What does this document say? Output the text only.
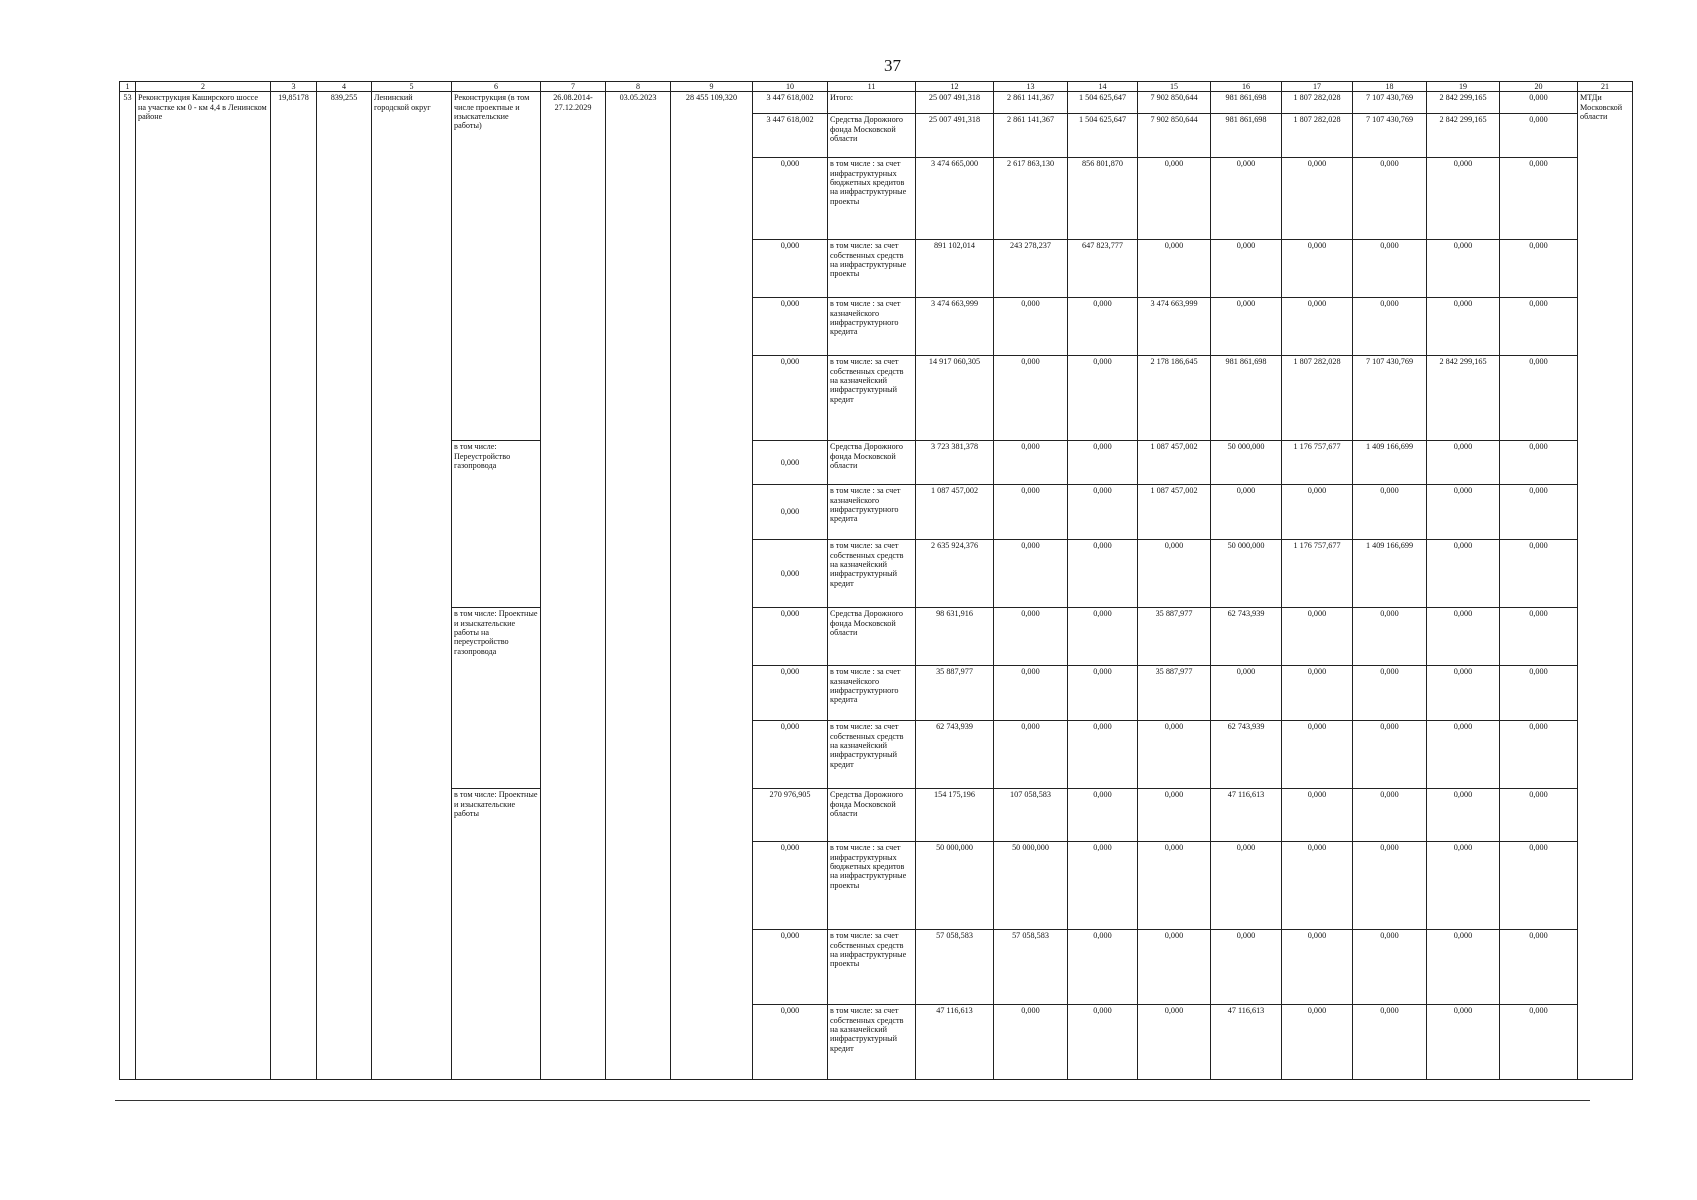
37
1	2	3	4	5	6	7	8	9	10	11	12	13	14	15	16	17	18	19	20	21
53	Реконструкция Каширского шоссе на участке км 0 - км 4,4 в Ленинском районе	19,85178	839,255	Ленинский городской округ	Реконструкция (в том числе проектные и изыскательские работы)	26.08.2014-27.12.2029	03.05.2023	28 455 109,320	3 447 618,002	Итого:	25 007 491,318	2 861 141,367	1 504 625,647	7 902 850,644	981 861,698	1 807 282,028	7 107 430,769	2 842 299,165	0,000	МТДи Московской области
									3 447 618,002	Средства Дорожного фонда Московской области	25 007 491,318	2 861 141,367	1 504 625,647	7 902 850,644	981 861,698	1 807 282,028	7 107 430,769	2 842 299,165	0,000	
									0,000	в том числе : за счет инфраструктурных бюджетных кредитов на инфраструктурные проекты	3 474 665,000	2 617 863,130	856 801,870	0,000	0,000	0,000	0,000	0,000	0,000	
									0,000	в том числе: за счет собственных средств на инфраструктурные проекты	891 102,014	243 278,237	647 823,777	0,000	0,000	0,000	0,000	0,000	0,000	
									0,000	в том числе : за счет казначейского инфраструктурного кредита	3 474 663,999	0,000	0,000	3 474 663,999	0,000	0,000	0,000	0,000	0,000	
									0,000	в том числе: за счет собственных средств на казначейский инфраструктурный кредит	14 917 060,305	0,000	0,000	2 178 186,645	981 861,698	1 807 282,028	7 107 430,769	2 842 299,165	0,000	
					в том числе: Переустройство газопровода				0,000	Средства Дорожного фонда Московской области	3 723 381,378	0,000	0,000	1 087 457,002	50 000,000	1 176 757,677	1 409 166,699	0,000	0,000	
									0,000	в том числе : за счет казначейского инфраструктурного кредита	1 087 457,002	0,000	0,000	1 087 457,002	0,000	0,000	0,000	0,000	0,000	
									0,000	в том числе: за счет собственных средств на казначейский инфраструктурный кредит	2 635 924,376	0,000	0,000	0,000	50 000,000	1 176 757,677	1 409 166,699	0,000	0,000	
					в том числе: Проектные и изыскательские работы на переустройство газопровода				0,000	Средства Дорожного фонда Московской области	98 631,916	0,000	0,000	35 887,977	62 743,939	0,000	0,000	0,000	0,000	
									0,000	в том числе : за счет казначейского инфраструктурного кредита	35 887,977	0,000	0,000	35 887,977	0,000	0,000	0,000	0,000	0,000	
									0,000	в том числе: за счет собственных средств на казначейский инфраструктурный кредит	62 743,939	0,000	0,000	0,000	62 743,939	0,000	0,000	0,000	0,000	
					в том числе: Проектные и изыскательские работы				270 976,905	Средства Дорожного фонда Московской области	154 175,196	107 058,583	0,000	0,000	47 116,613	0,000	0,000	0,000	0,000	
									0,000	в том числе : за счет инфраструктурных бюджетных кредитов на инфраструктурные проекты	50 000,000	50 000,000	0,000	0,000	0,000	0,000	0,000	0,000	0,000	
									0,000	в том числе: за счет собственных средств на инфраструктурные проекты	57 058,583	57 058,583	0,000	0,000	0,000	0,000	0,000	0,000	0,000	
									0,000	в том числе: за счет собственных средств на казначейский инфраструктурный кредит	47 116,613	0,000	0,000	0,000	47 116,613	0,000	0,000	0,000	0,000	
